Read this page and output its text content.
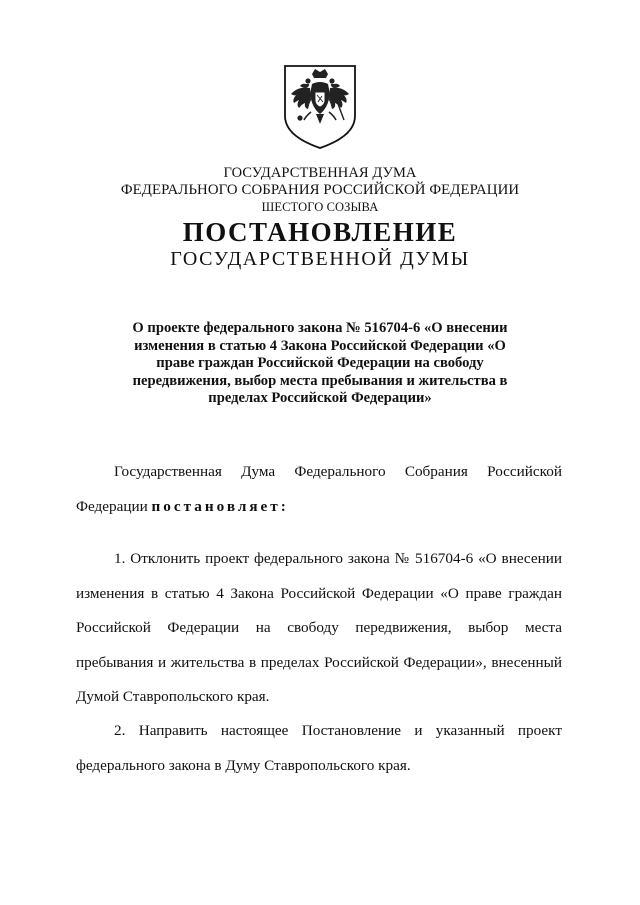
ГОСУДАРСТВЕННАЯ ДУМА
ФЕДЕРАЛЬНОГО СОБРАНИЯ РОССИЙСКОЙ ФЕДЕРАЦИИ
ШЕСТОГО СОЗЫВА
ПОСТАНОВЛЕНИЕ
ГОСУДАРСТВЕННОЙ ДУМЫ
О проекте федерального закона № 516704-6 «О внесении
изменения в статью 4 Закона Российской Федерации «О
праве граждан Российской Федерации на свободу
передвижения, выбор места пребывания и жительства в
пределах Российской Федерации»
Государственная Дума Федерального Собрания Российской Федерации постановляет:
1. Отклонить проект федерального закона № 516704-6 «О внесении изменения в статью 4 Закона Российской Федерации «О праве граждан Российской Федерации на свободу передвижения, выбор места пребывания и жительства в пределах Российской Федерации», внесенный Думой Ставропольского края.
2. Направить настоящее Постановление и указанный проект федерального закона в Думу Ставропольского края.
